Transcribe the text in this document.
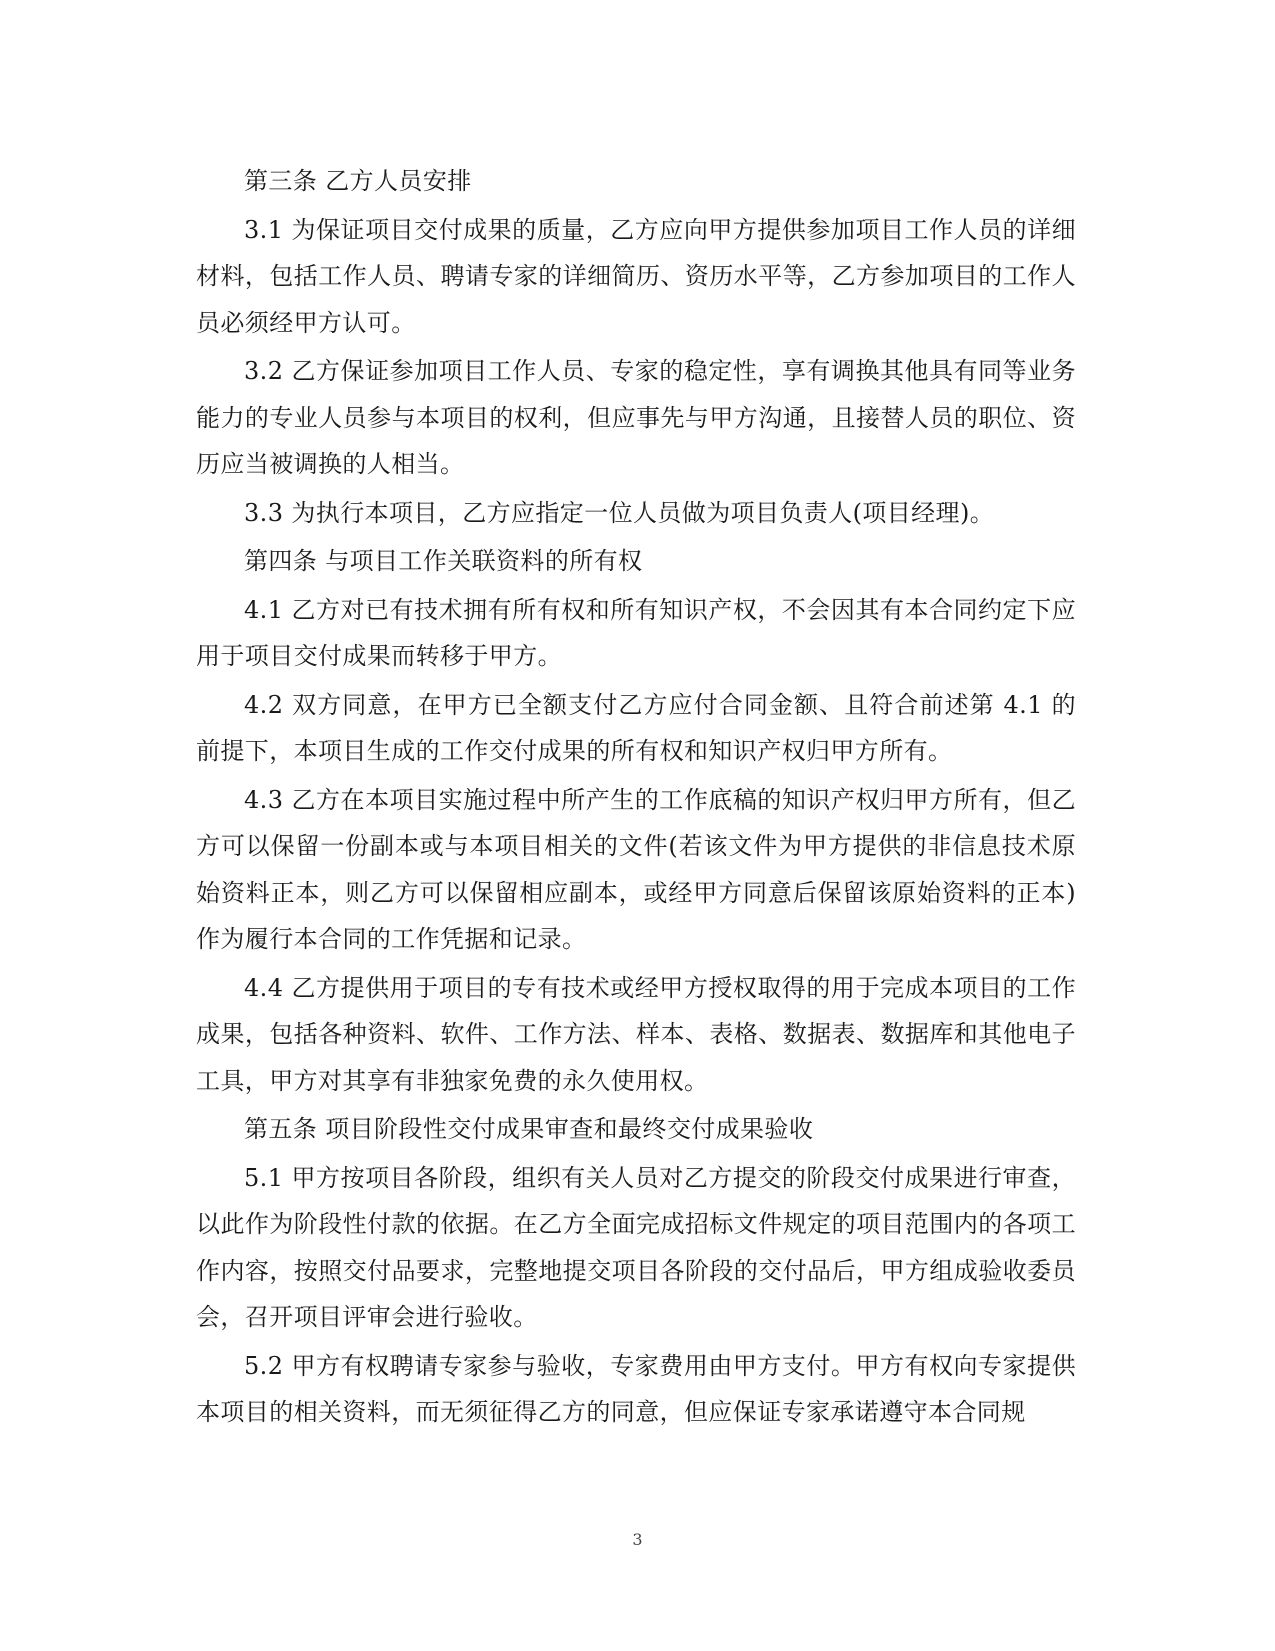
第三条 乙方人员安排

3.1 为保证项目交付成果的质量，乙方应向甲方提供参加项目工作人员的详细材料，包括工作人员、聘请专家的详细简历、资历水平等，乙方参加项目的工作人员必须经甲方认可。

3.2 乙方保证参加项目工作人员、专家的稳定性，享有调换其他具有同等业务能力的专业人员参与本项目的权利，但应事先与甲方沟通，且接替人员的职位、资历应当被调换的人相当。

3.3 为执行本项目，乙方应指定一位人员做为项目负责人(项目经理)。

第四条 与项目工作关联资料的所有权

4.1 乙方对已有技术拥有所有权和所有知识产权，不会因其有本合同约定下应用于项目交付成果而转移于甲方。

4.2 双方同意，在甲方已全额支付乙方应付合同金额、且符合前述第 4.1 的前提下，本项目生成的工作交付成果的所有权和知识产权归甲方所有。

4.3 乙方在本项目实施过程中所产生的工作底稿的知识产权归甲方所有，但乙方可以保留一份副本或与本项目相关的文件(若该文件为甲方提供的非信息技术原始资料正本，则乙方可以保留相应副本，或经甲方同意后保留该原始资料的正本)作为履行本合同的工作凭据和记录。

4.4 乙方提供用于项目的专有技术或经甲方授权取得的用于完成本项目的工作成果，包括各种资料、软件、工作方法、样本、表格、数据表、数据库和其他电子工具，甲方对其享有非独家免费的永久使用权。

第五条 项目阶段性交付成果审查和最终交付成果验收

5.1 甲方按项目各阶段，组织有关人员对乙方提交的阶段交付成果进行审查，以此作为阶段性付款的依据。在乙方全面完成招标文件规定的项目范围内的各项工作内容，按照交付品要求，完整地提交项目各阶段的交付品后，甲方组成验收委员会，召开项目评审会进行验收。

5.2 甲方有权聘请专家参与验收，专家费用由甲方支付。甲方有权向专家提供本项目的相关资料，而无须征得乙方的同意，但应保证专家承诺遵守本合同规

3
